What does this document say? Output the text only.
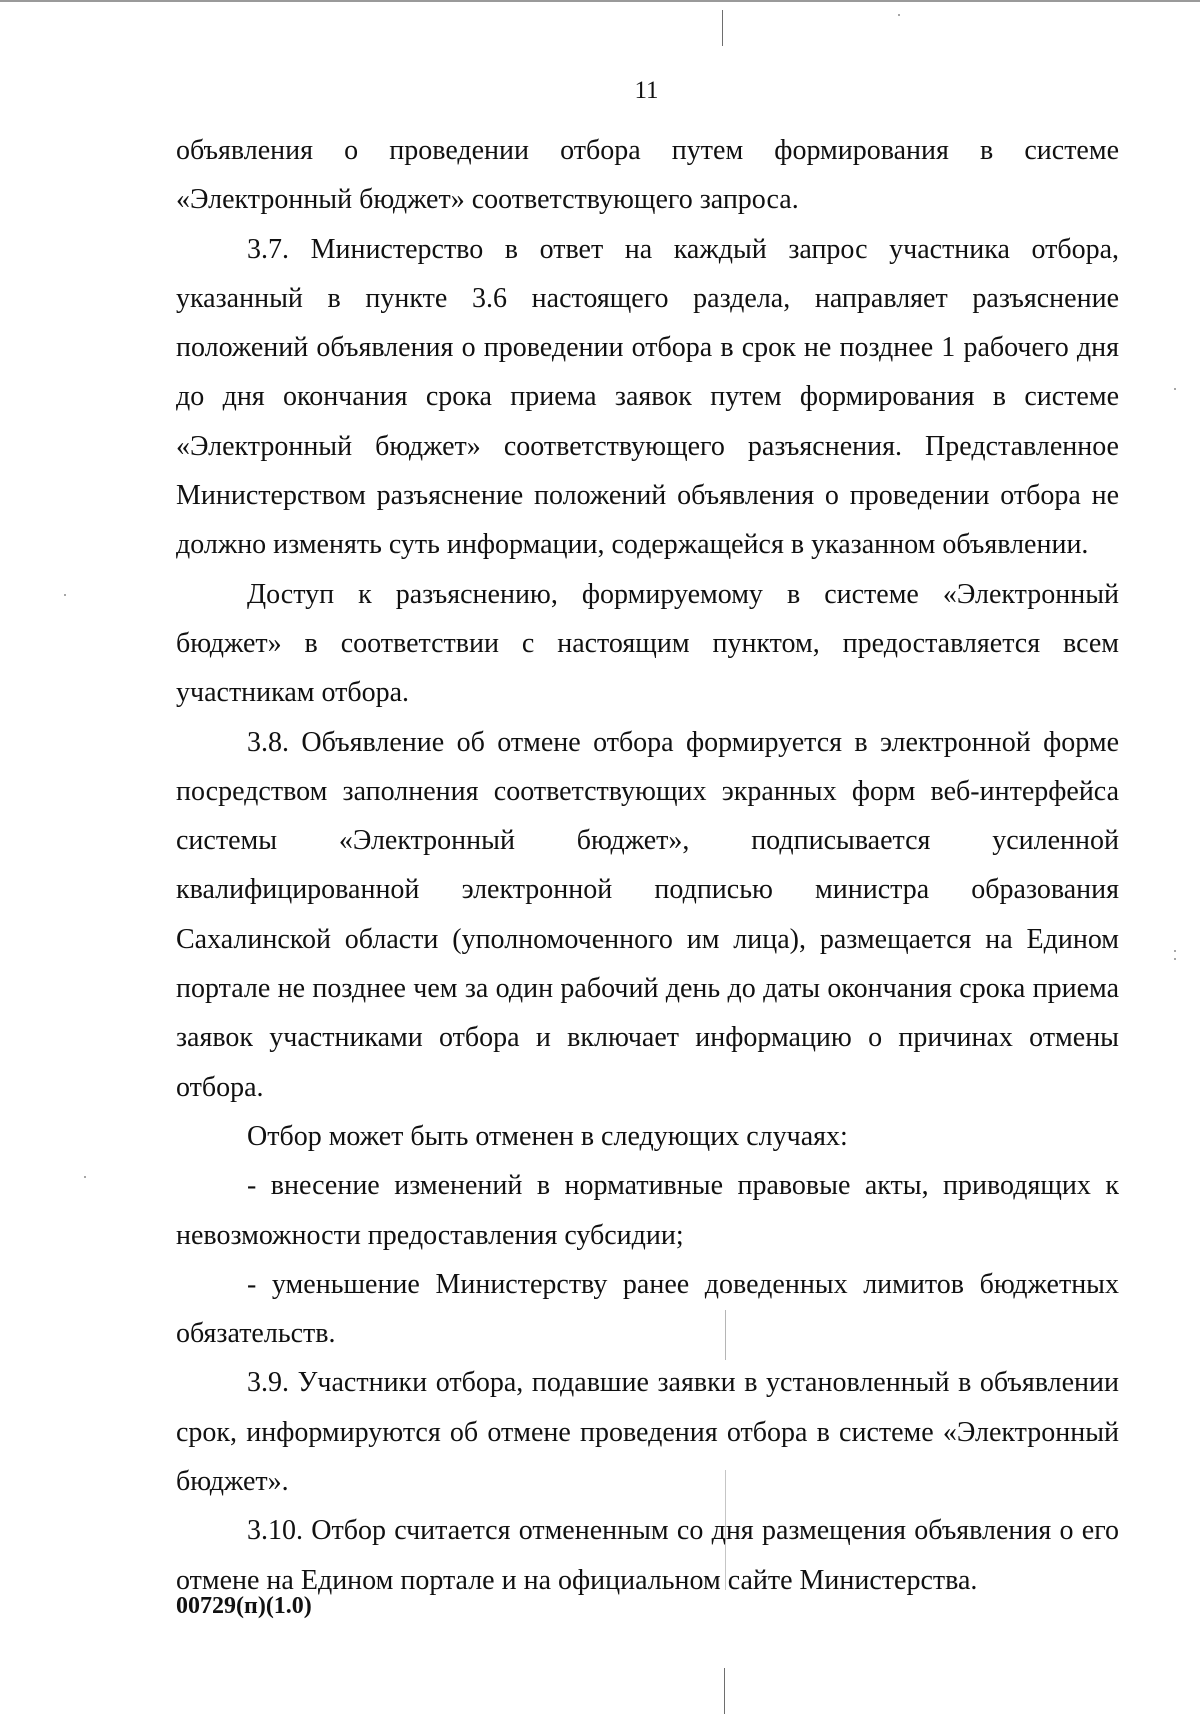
11

объявления о проведении отбора путем формирования в системе «Электронный бюджет» соответствующего запроса.

3.7. Министерство в ответ на каждый запрос участника отбора, указанный в пункте 3.6 настоящего раздела, направляет разъяснение положений объявления о проведении отбора в срок не позднее 1 рабочего дня до дня окончания срока приема заявок путем формирования в системе «Электронный бюджет» соответствующего разъяснения. Представленное Министерством разъяснение положений объявления о проведении отбора не должно изменять суть информации, содержащейся в указанном объявлении.

Доступ к разъяснению, формируемому в системе «Электронный бюджет» в соответствии с настоящим пунктом, предоставляется всем участникам отбора.

3.8. Объявление об отмене отбора формируется в электронной форме посредством заполнения соответствующих экранных форм веб-интерфейса системы «Электронный бюджет», подписывается усиленной квалифицированной электронной подписью министра образования Сахалинской области (уполномоченного им лица), размещается на Едином портале не позднее чем за один рабочий день до даты окончания срока приема заявок участниками отбора и включает информацию о причинах отмены отбора.

Отбор может быть отменен в следующих случаях:

- внесение изменений в нормативные правовые акты, приводящих к невозможности предоставления субсидии;

- уменьшение Министерству ранее доведенных лимитов бюджетных обязательств.

3.9. Участники отбора, подавшие заявки в установленный в объявлении срок, информируются об отмене проведения отбора в системе «Электронный бюджет».

3.10. Отбор считается отмененным со дня размещения объявления о его отмене на Едином портале и на официальном сайте Министерства.

00729(п)(1.0)
